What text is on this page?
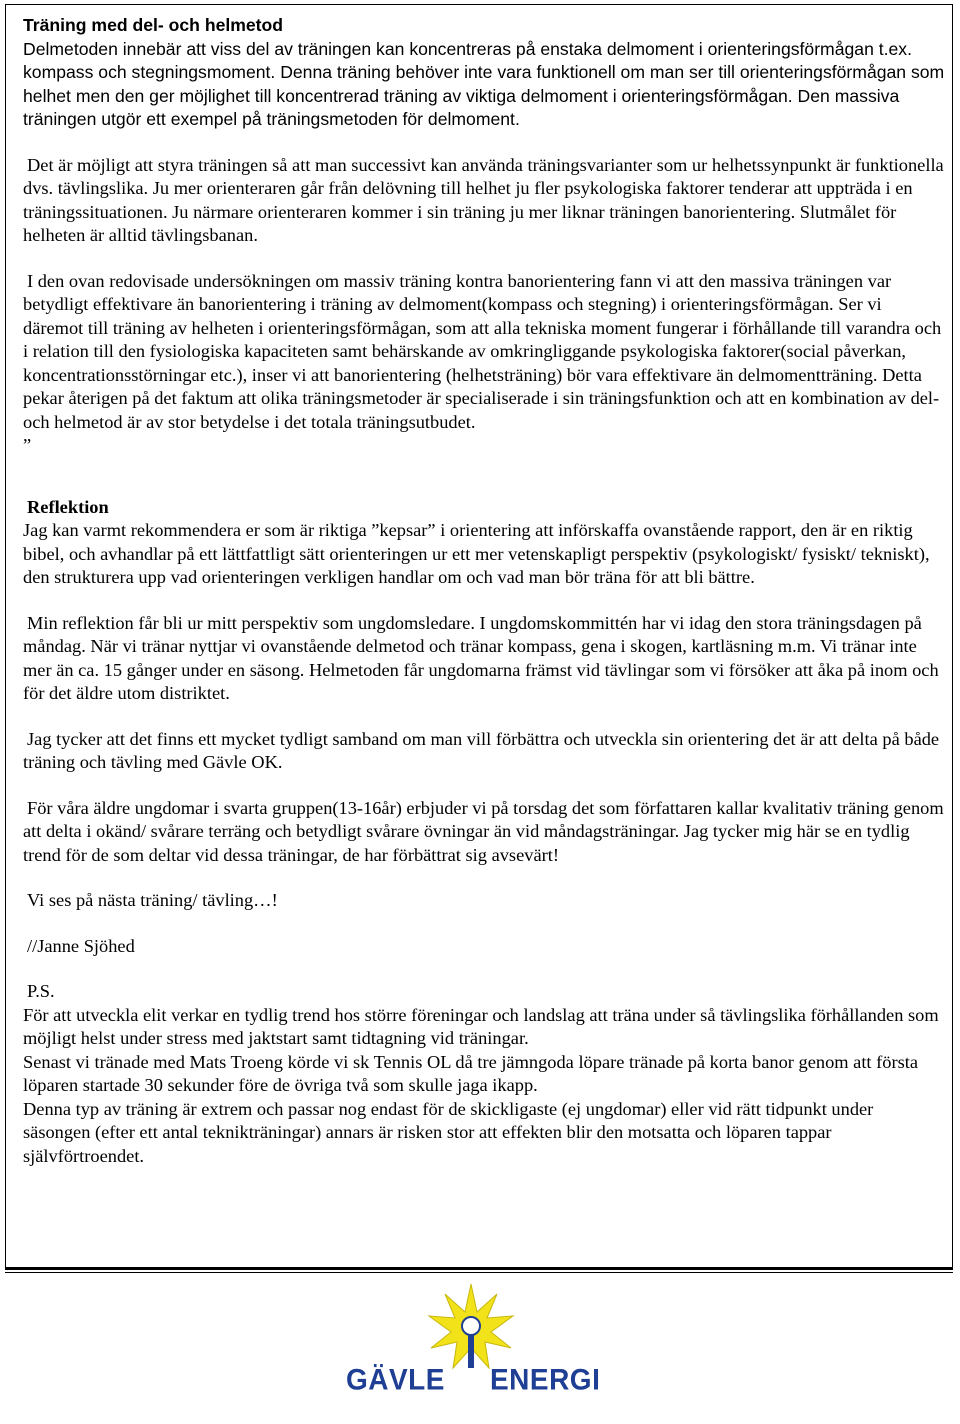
Träning med del- och helmetod

Delmetoden innebär att viss del av träningen kan koncentreras på enstaka delmoment i orienteringsförmågan t.ex. kompass och stegningsmoment. Denna träning behöver inte vara funktionell om man ser till orienteringsförmågan som helhet men den ger möjlighet till koncentrerad träning av viktiga delmoment i orienteringsförmågan. Den massiva träningen utgör ett exempel på träningsmetoden för delmoment.

Det är möjligt att styra träningen så att man successivt kan använda träningsvarianter som ur helhetssynpunkt är funktionella dvs. tävlingslika. Ju mer orienteraren går från delövning till helhet ju fler psykologiska faktorer tenderar att uppträda i en träningssituationen. Ju närmare orienteraren kommer i sin träning ju mer liknar träningen banorientering. Slutmålet för helheten är alltid tävlingsbanan.

I den ovan redovisade undersökningen om massiv träning kontra banorientering fann vi att den massiva träningen var betydligt effektivare än banorientering i träning av delmoment(kompass och stegning) i orienteringsförmågan. Ser vi däremot till träning av helheten i orienteringsförmågan, som att alla tekniska moment fungerar i förhållande till varandra och i relation till den fysiologiska kapaciteten samt behärskande av omkringliggande psykologiska faktorer(social påverkan, koncentrationsstörningar etc.), inser vi att banorientering (helhetsträning) bör vara effektivare än delmomentträning. Detta pekar återigen på det faktum att olika träningsmetoder är specialiserade i sin träningsfunktion och att en kombination av del- och helmetod är av stor betydelse i det totala träningsutbudet.

”

Reflektion

Jag kan varmt rekommendera er som är riktiga ”kepsar” i orientering att införskaffa ovanstående rapport, den är en riktig bibel, och avhandlar på ett lättfattligt sätt orienteringen ur ett mer vetenskapligt perspektiv (psykologiskt/ fysiskt/ tekniskt), den strukturera upp vad orienteringen verkligen handlar om och vad man bör träna för att bli bättre.

Min reflektion får bli ur mitt perspektiv som ungdomsledare. I ungdomskommittén har vi idag den stora träningsdagen på måndag. När vi tränar nyttjar vi ovanstående delmetod och tränar kompass, gena i skogen, kartläsning m.m. Vi tränar inte mer än ca. 15 gånger under en säsong. Helmetoden får ungdomarna främst vid tävlingar som vi försöker att åka på inom och för det äldre utom distriktet.

Jag tycker att det finns ett mycket tydligt samband om man vill förbättra och utveckla sin orientering det är att delta på både träning och tävling med Gävle OK.

För våra äldre ungdomar i svarta gruppen(13-16år) erbjuder vi på torsdag det som författaren kallar kvalitativ träning genom att delta i okänd/ svårare terräng och betydligt svårare övningar än vid måndagsträningar. Jag tycker mig här se en tydlig trend för de som deltar vid dessa träningar, de har förbättrat sig avsevärt!

Vi ses på nästa träning/ tävling…!

//Janne Sjöhed

P.S.

För att utveckla elit verkar en tydlig trend hos större föreningar och landslag att träna under så tävlingslika förhållanden som möjligt helst under stress med jaktstart samt tidtagning vid träningar.

Senast vi tränade med Mats Troeng körde vi sk Tennis OL då tre jämngoda löpare tränade på korta banor genom att första löparen startade 30 sekunder före de övriga två som skulle jaga ikapp.

Denna typ av träning är extrem och passar nog endast för de skickligaste (ej ungdomar) eller vid rätt tidpunkt under säsongen (efter ett antal teknikträningar) annars är risken stor att effekten blir den motsatta och löparen tappar självförtroendet.

GÄVLE ENERGI
